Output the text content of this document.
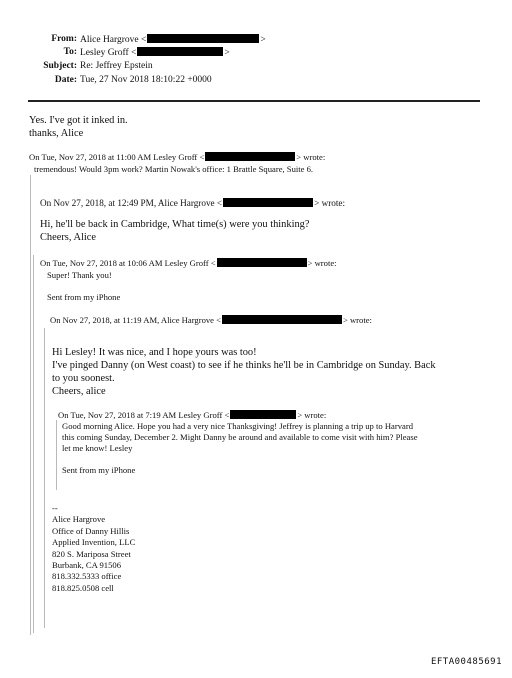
From: Alice Hargrove <	>
To: Lesley Groff <	>
Subject: Re: Jeffrey Epstein
Date: Tue, 27 Nov 2018 18:10:22 +0000
Yes. I've got it inked in.
thanks, Alice
On Tue, Nov 27, 2018 at 11:00 AM Lesley Groff <	> wrote:
tremendous! Would 3pm work? Martin Nowak's office: 1 Brattle Square, Suite 6.
On Nov 27, 2018, at 12:49 PM, Alice Hargrove <	> wrote:
Hi, he'll be back in Cambridge, What time(s) were you thinking?
Cheers, Alice
On Tue, Nov 27, 2018 at 10:06 AM Lesley Groff <	> wrote:
Super! Thank you!
Sent from my iPhone
On Nov 27, 2018, at 11:19 AM, Alice Hargrove <	> wrote:
Hi Lesley! It was nice, and I hope yours was too!
I've pinged Danny (on West coast) to see if he thinks he'll be in Cambridge on Sunday. Back
to you soonest.
Cheers, alice
On Tue, Nov 27, 2018 at 7:19 AM Lesley Groff <	> wrote:
Good morning Alice. Hope you had a very nice Thanksgiving! Jeffrey is planning a trip up to Harvard
this coming Sunday, December 2. Might Danny be around and available to come visit with him? Please
let me know! Lesley
Sent from my iPhone
--
Alice Hargrove
Office of Danny Hillis
Applied Invention, LLC
820 S. Mariposa Street
Burbank, CA 91506
818.332.5333 office
818.825.0508 cell
EFTA00485691
